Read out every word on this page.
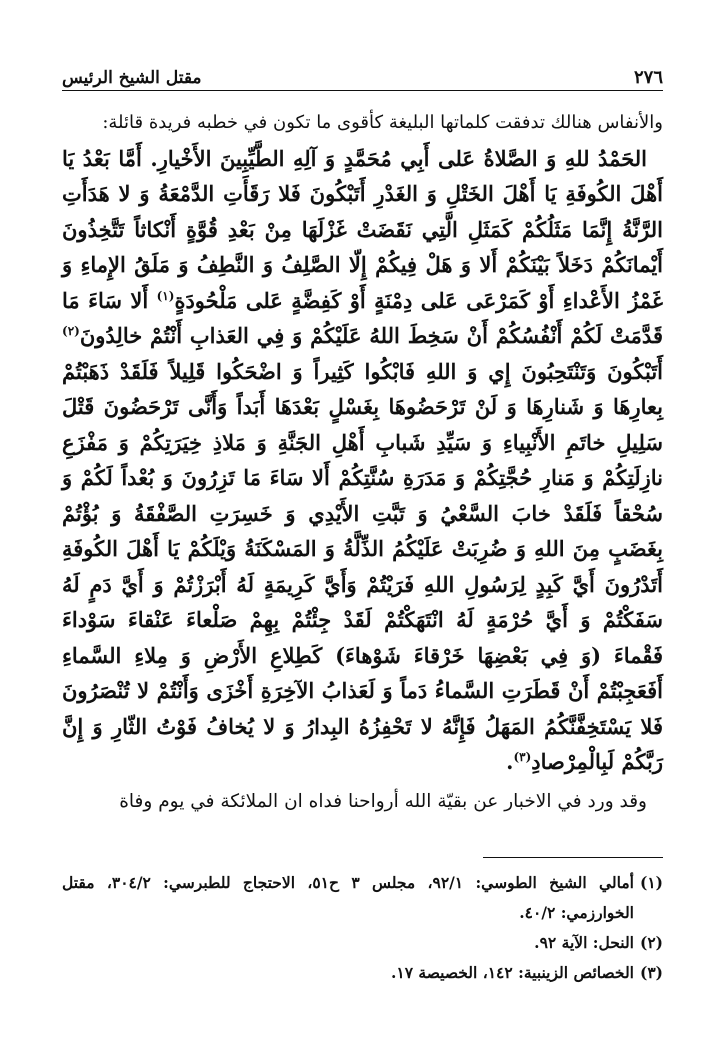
٢٧٦
مقتل الشيخ الرئيس

والأنفاس هنالك تدفقت كلماتها البليغة كأقوى ما تكون في خطبه فريدة قائلة:

الحَمْدُ للهِ وَ الصَّلاةُ عَلى أَبِي مُحَمَّدٍ وَ آلِهِ الطَّيِّبِينَ الأَخْيارِ. أَمَّا بَعْدُ يَا أَهْلَ الكُوفَةِ يَا أَهْلَ الخَتْلِ وَ الغَدْرِ أَتَبْكُونَ فَلا رَقَأَتِ الدَّمْعَةُ وَ لا هَدَأَتِ الرَّنَّةُ إِنَّمَا مَثَلُكُمْ كَمَثَلِ الَّتِي نَقَضَتْ غَزْلَهَا مِنْ بَعْدِ قُوَّةٍ أَنْكاثاً تَتَّخِذُونَ أَيْمانَكُمْ دَخَلاً بَيْنَكُمْ أَلا وَ هَلْ فِيكُمْ إِلّا الصَّلِفُ وَ النَّطِفُ وَ مَلَقُ الإِماءِ وَ غَمْزُ الأَعْداءِ أَوْ كَمَرْعَى عَلى دِمْنَةٍ أَوْ كَفِضَّةٍ عَلى مَلْحُودَةٍ$^{(١)}$ أَلا سَاءَ مَا قَدَّمَتْ لَكُمْ أَنْفُسُكُمْ أَنْ سَخِطَ اللهُ عَلَيْكُمْ وَ فِي العَذابِ أَنْتُمْ خالِدُونَ$^{(٢)}$ أَتَبْكُونَ وَتَنْتَحِبُونَ إِي وَ اللهِ فَابْكُوا كَثِيراً وَ اضْحَكُوا قَلِيلاً فَلَقَدْ ذَهَبْتُمْ بِعارِهَا وَ شَنارِهَا وَ لَنْ تَرْحَضُوهَا بِغَسْلٍ بَعْدَهَا أَبَداً وَأَنَّى تَرْحَضُونَ قَتْلَ سَلِيلِ خاتَمِ الأَنْبِياءِ وَ سَيِّدِ شَبابِ أَهْلِ الجَنَّةِ وَ مَلاذِ خِيَرَتِكُمْ وَ مَفْزَعِ نازِلَتِكُمْ وَ مَنارِ حُجَّتِكُمْ وَ مَدَرَةِ سُنَّتِكُمْ أَلا سَاءَ مَا تَزِرُونَ وَ بُعْداً لَكُمْ وَ سُحْقاً فَلَقَدْ خابَ السَّعْيُ وَ تَبَّتِ الأَيْدِي وَ خَسِرَتِ الصَّفْقَةُ وَ بُؤْتُمْ بِغَضَبٍ مِنَ اللهِ وَ ضُرِبَتْ عَلَيْكُمُ الذِّلَّةُ وَ المَسْكَنَةُ وَيْلَكُمْ يَا أَهْلَ الكُوفَةِ أَتَدْرُونَ أَيَّ كَبِدٍ لِرَسُولِ اللهِ فَرَيْتُمْ وَأَيَّ كَرِيمَةٍ لَهُ أَبْرَزْتُمْ وَ أَيَّ دَمٍ لَهُ سَفَكْتُمْ وَ أَيَّ حُرْمَةٍ لَهُ انْتَهَكْتُمْ لَقَدْ جِئْتُمْ بِهِمْ صَلْعاءَ عَنْقاءَ سَوْداءَ فَقْماءَ (وَ فِي بَعْضِهَا خَرْقاءَ شَوْهاءَ) كَطِلاعِ الأَرْضِ وَ مِلاءِ السَّماءِ أَفَعَجِبْتُمْ أَنْ قَطَرَتِ السَّماءُ دَماً وَ لَعَذابُ الآخِرَةِ أَخْزَى وَأَنْتُمْ لا تُنْصَرُونَ فَلا يَسْتَخِفَّنَّكُمُ المَهَلُ فَإِنَّهُ لا تَحْفِزُهُ البِدارُ وَ لا يُخافُ فَوْتُ الثّارِ وَ إِنَّ رَبَّكُمْ لَبِالْمِرْصادِ$^{(٣)}$.

وقد ورد في الاخبار عن بقيّة الله أرواحنا فداه ان الملائكة في يوم وفاة

(١)
أمالي الشيخ الطوسي: ٩٢/١، مجلس ٣ ح٥١، الاحتجاج للطبرسي: ٣٠٤/٢، مقتل الخوارزمي: ٤٠/٢.
(٢)
النحل: الآية ٩٢.
(٣)
الخصائص الزينبية: ١٤٢، الخصيصة ١٧.
